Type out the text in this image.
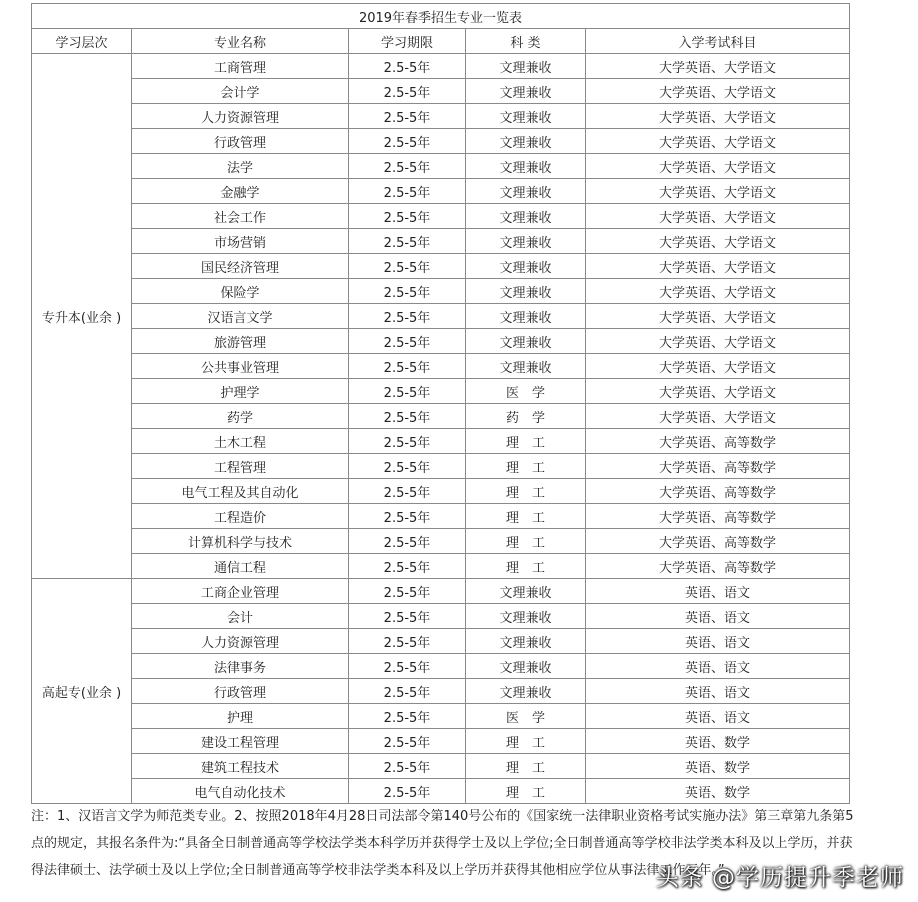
2019年春季招生专业一览表				
学习层次	专业名称	学习期限	科 类	入学考试科目
专升本(业余 )	工商管理	2.5-5年	文理兼收	大学英语、大学语文
	会计学	2.5-5年	文理兼收	大学英语、大学语文
	人力资源管理	2.5-5年	文理兼收	大学英语、大学语文
	行政管理	2.5-5年	文理兼收	大学英语、大学语文
	法学	2.5-5年	文理兼收	大学英语、大学语文
	金融学	2.5-5年	文理兼收	大学英语、大学语文
	社会工作	2.5-5年	文理兼收	大学英语、大学语文
	市场营销	2.5-5年	文理兼收	大学英语、大学语文
	国民经济管理	2.5-5年	文理兼收	大学英语、大学语文
	保险学	2.5-5年	文理兼收	大学英语、大学语文
	汉语言文学	2.5-5年	文理兼收	大学英语、大学语文
	旅游管理	2.5-5年	文理兼收	大学英语、大学语文
	公共事业管理	2.5-5年	文理兼收	大学英语、大学语文
	护理学	2.5-5年	医　学	大学英语、大学语文
	药学	2.5-5年	药　学	大学英语、大学语文
	土木工程	2.5-5年	理　工	大学英语、高等数学
	工程管理	2.5-5年	理　工	大学英语、高等数学
	电气工程及其自动化	2.5-5年	理　工	大学英语、高等数学
	工程造价	2.5-5年	理　工	大学英语、高等数学
	计算机科学与技术	2.5-5年	理　工	大学英语、高等数学
	通信工程	2.5-5年	理　工	大学英语、高等数学
高起专(业余 )	工商企业管理	2.5-5年	文理兼收	英语、语文
	会计	2.5-5年	文理兼收	英语、语文
	人力资源管理	2.5-5年	文理兼收	英语、语文
	法律事务	2.5-5年	文理兼收	英语、语文
	行政管理	2.5-5年	文理兼收	英语、语文
	护理	2.5-5年	医　学	英语、语文
	建设工程管理	2.5-5年	理　工	英语、数学
	建筑工程技术	2.5-5年	理　工	英语、数学
	电气自动化技术	2.5-5年	理　工	英语、数学
注：1、汉语言文学为师范类专业。2、按照2018年4月28日司法部令第140号公布的《国家统一法律职业资格考试实施办法》第三章第九条第5点的规定，其报名条件为:“具备全日制普通高等学校法学类本科学历并获得学士及以上学位;全日制普通高等学校非法学类本科及以上学历，并获得法律硕士、法学硕士及以上学位;全日制普通高等学校非法学类本科及以上学历并获得其他相应学位从事法律工作三年。”
头条 @学历提升季老师
